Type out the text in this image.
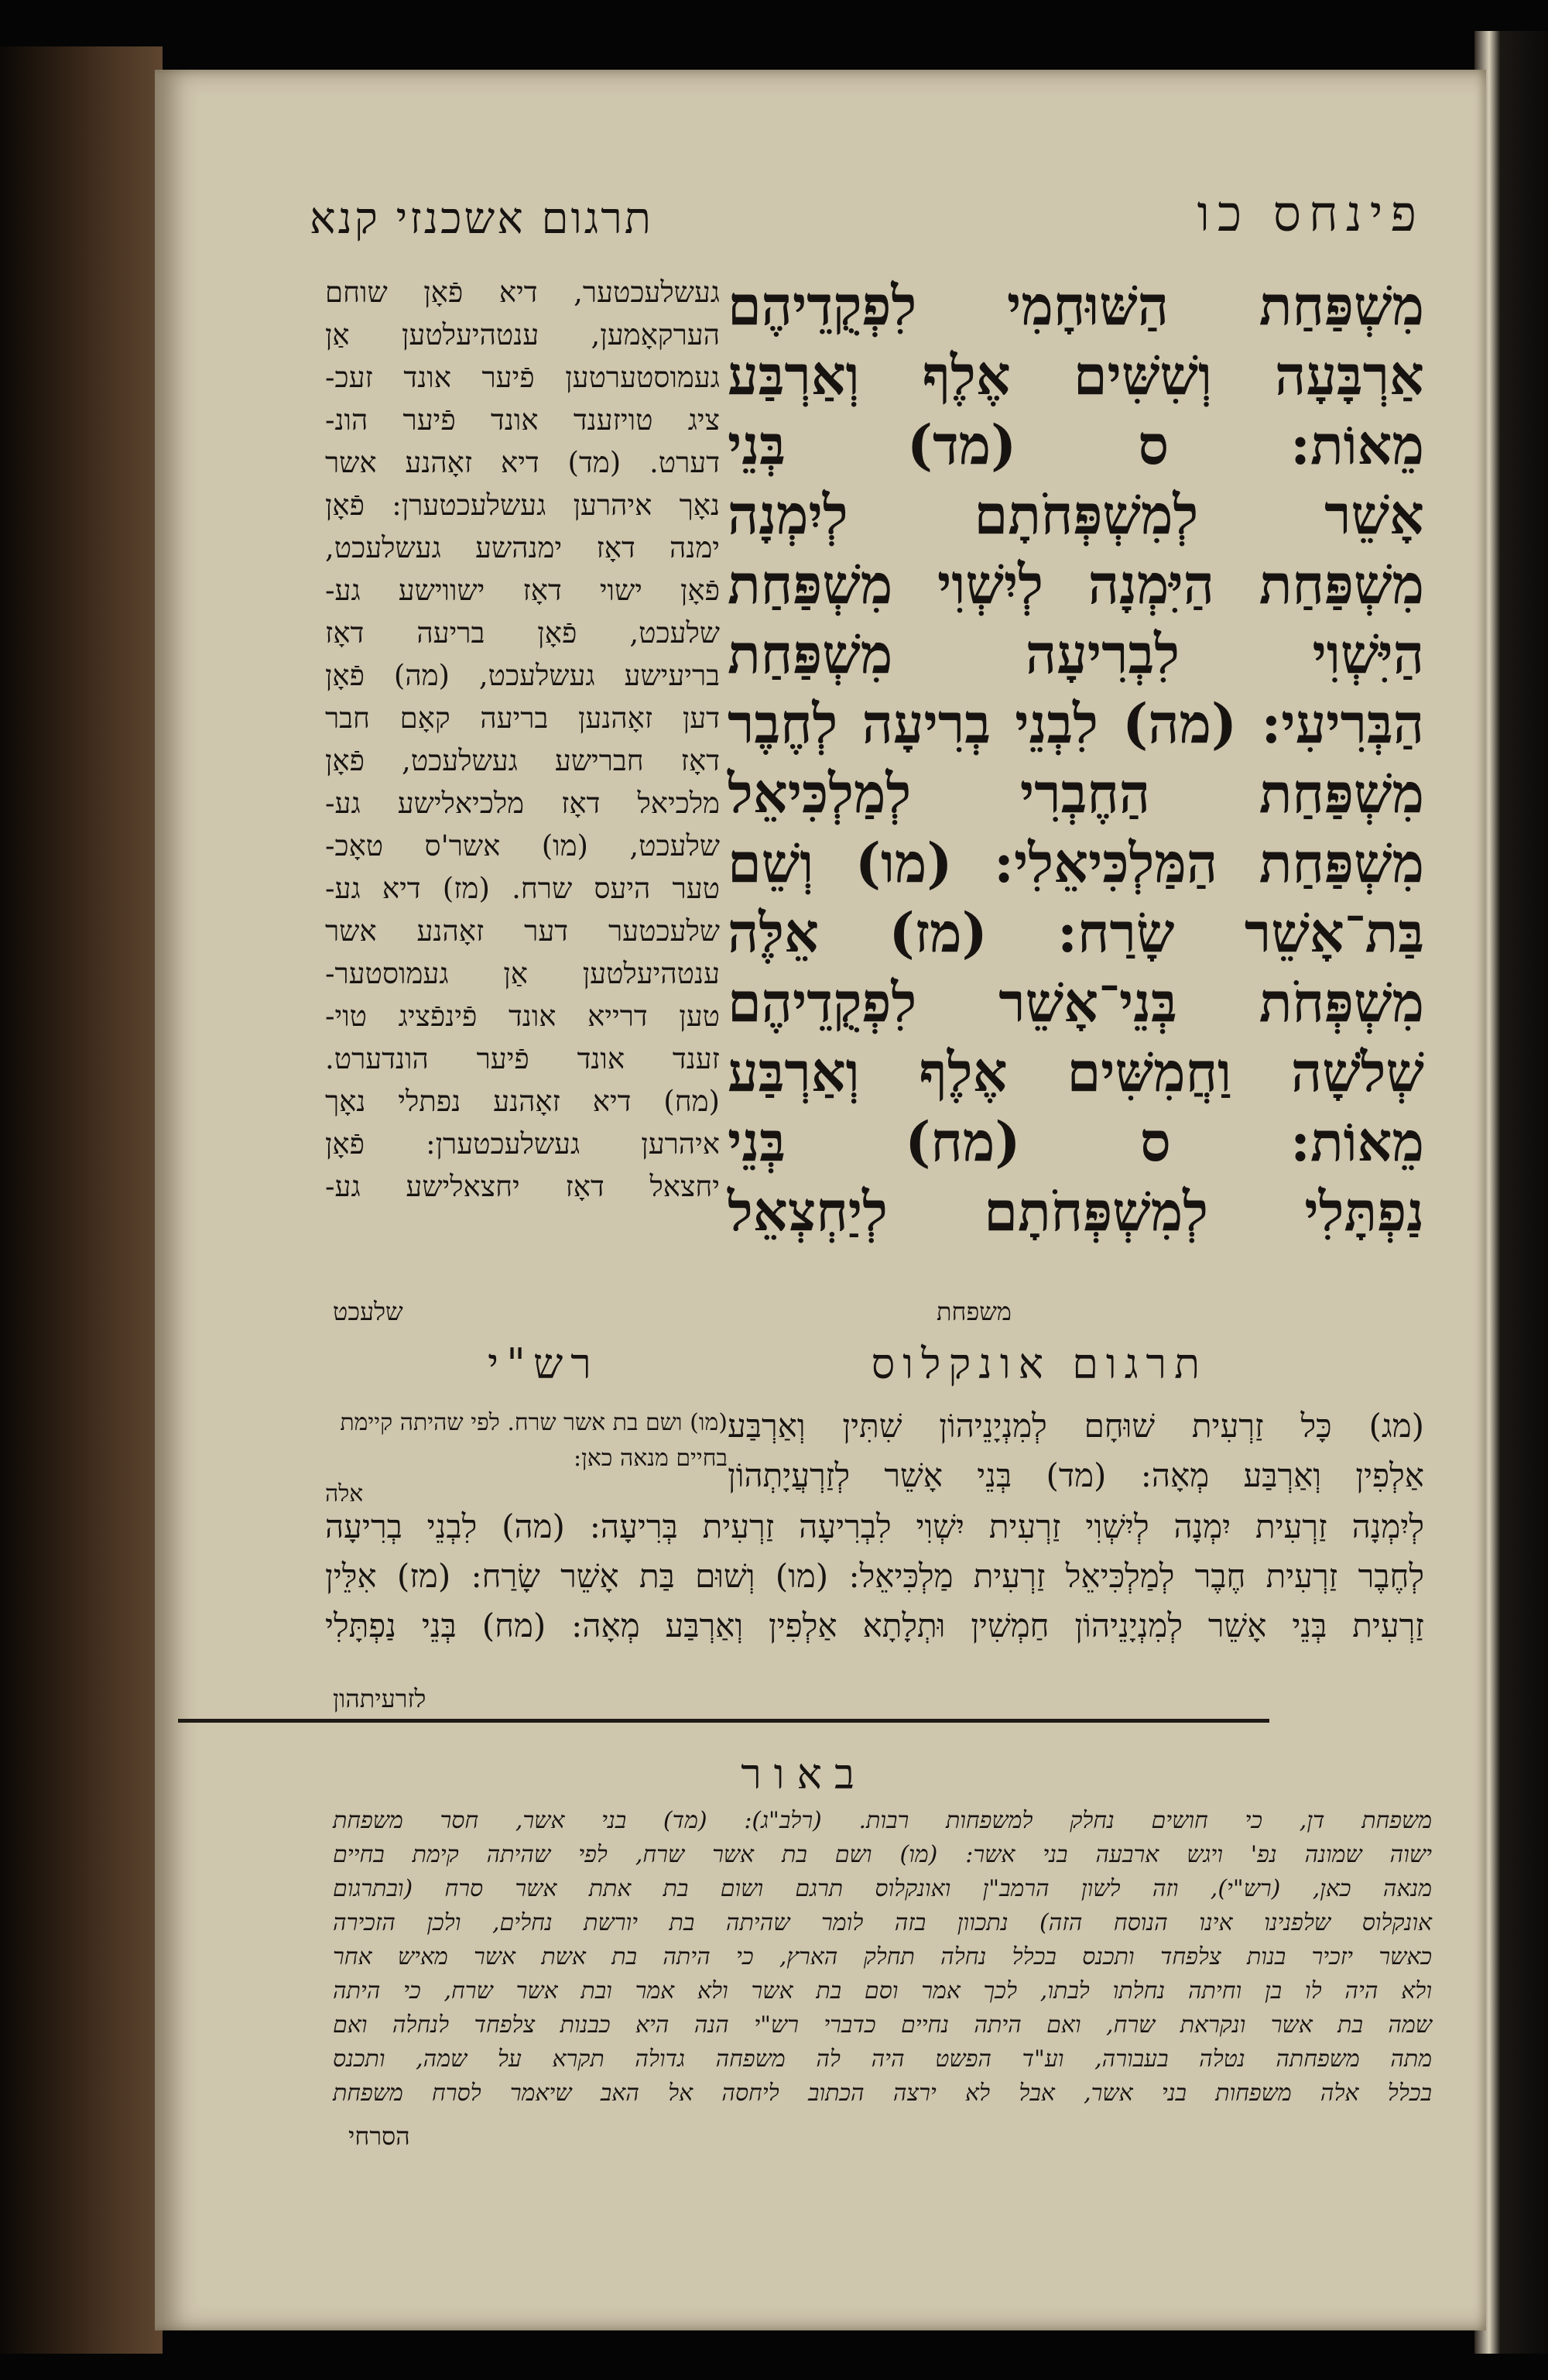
פינחס כו
תרגום אשכנזי קנא
מִשְׁפַּחַת הַשּׁוּחָמִי לִפְקֻדֵיהֶם
אַרְבָּעָה וְשִׁשִּׁים אֶלֶף וְאַרְבַּע
מֵאוֹת: ס (מד) בְּנֵי
אָשֵׁר לְמִשְׁפְּחֹתָם לְיִמְנָה
מִשְׁפַּחַת הַיִּמְנָה לְיִשְׁוִי מִשְׁפַּחַת
הַיִּשְׁוִי לִבְרִיעָה מִשְׁפַּחַת
הַבְּרִיעִי: (מה) לִבְנֵי בְרִיעָה לְחֶבֶר
מִשְׁפַּחַת הַחֶבְרִי לְמַלְכִּיאֵל
מִשְׁפַּחַת הַמַּלְכִּיאֵלִי: (מו) וְשֵׁם
בַּת־אָשֵׁר שָׂרַח: (מז) אֵלֶּה
מִשְׁפְּחֹת בְּנֵי־אָשֵׁר לִפְקֻדֵיהֶם
שְׁלֹשָׁה וַחֲמִשִּׁים אֶלֶף וְאַרְבַּע
מֵאוֹת: ס (מח) בְּנֵי
נַפְתָּלִי לְמִשְׁפְּחֹתָם לְיַחְצְאֵל
משפחת
געשלעכטער, דיא פֿאָן שוחם
הערקאָמען, ענטהיעלטען אַן
געמוסטערטען פֿיער אונד זעכ-
ציג טויזענד אונד פֿיער הונ-
דערט. (מד) דיא זאָהנע אשר
נאָך איהרען געשלעכטערן: פֿאָן
ימנה דאָז ימנהשע געשלעכט,
פֿאָן ישוי דאָז ישווישע גע-
שלעכט, פֿאָן בריעה דאָז
בריעישע געשלעכט, (מה) פֿאָן
דען זאָהנען בריעה קאָם חבר
דאָז חברישע געשלעכט, פֿאָן
מלכיאל דאָז מלכיאלישע גע-
שלעכט, (מו) אשר'ס טאָכ-
טער היעס שרח. (מז) דיא גע-
שלעכטער דער זאָהנע אשר
ענטהיעלטען אַן געמוסטער-
טען דרייא אונד פֿינפֿציג טוי-
זענד אונד פֿיער הונדערט.
(מח) דיא זאָהנע נפתלי נאָך
איהרען געשלעכטערן: פֿאָן
יחצאל דאָז יחצאלישע גע-
שלעכט
תרגום אונקלוס
רש"י
(מג) כָּל זַרְעִית שׁוּחָם לְמִנְיָנֵיהוֹן שִׁתִּין וְאַרְבַּע
אַלְפִין וְאַרְבַּע מְאָה: (מד) בְּנֵי אָשֵׁר לְזַרְעֲיָתְהוֹן
(מו) ושם בת אשר שרח. לפי שהיתה קיימת
בחיים מנאה כאן:
אלה
לְיִמְנָה זַרְעִית יִמְנָה לְיִשְׁוִי זַרְעִית יִשְׁוִי לִבְרִיעָה זַרְעִית בְּרִיעָה: (מה) לִבְנֵי בְרִיעָה
לְחֶבֶר זַרְעִית חֶבֶר לְמַלְכִּיאֵל זַרְעִית מַלְכִּיאֵל: (מו) וְשׁוּם בַּת אָשֵׁר שָׂרַח: (מז) אִלֵּין
זַרְעִית בְּנֵי אָשֵׁר לְמִנְיָנֵיהוֹן חַמְשִׁין וּתְלָתָא אַלְפִין וְאַרְבַּע מְאָה: (מח) בְּנֵי נַפְתָּלִי
לזרעיתהון
באור
משפחת דן, כי חושים נחלק למשפחות רבות. (רלב"ג): (מד) בני אשר, חסר משפחת
ישוה שמונה נפ' ויגש ארבעה בני אשר: (מו) ושם בת אשר שרח, לפי שהיתה קימת בחיים
מנאה כאן, (רש"י), וזה לשון הרמב"ן ואונקלוס תרגם ושום בת אתת אשר סרח (ובתרגום
אונקלוס שלפנינו אינו הנוסח הזה) נתכוון בזה לומר שהיתה בת יורשת נחלים, ולכן הזכירה
כאשר יזכיר בנות צלפחד ותכנס בכלל נחלה תחלק הארץ, כי היתה בת אשת אשר מאיש אחר
ולא היה לו בן וחיתה נחלתו לבתו, לכך אמר וסם בת אשר ולא אמר ובת אשר שרח, כי היתה
שמה בת אשר ונקראת שרח, ואם היתה נחיים כדברי רש"י הנה היא כבנות צלפחד לנחלה ואם
מתה משפחתה נטלה בעבורה, וע"ד הפשט היה לה משפחה גדולה תקרא על שמה, ותכנס
בכלל אלה משפחות בני אשר, אבל לא ירצה הכתוב ליחסה אל האב שיאמר לסרח משפחת
הסרחי
